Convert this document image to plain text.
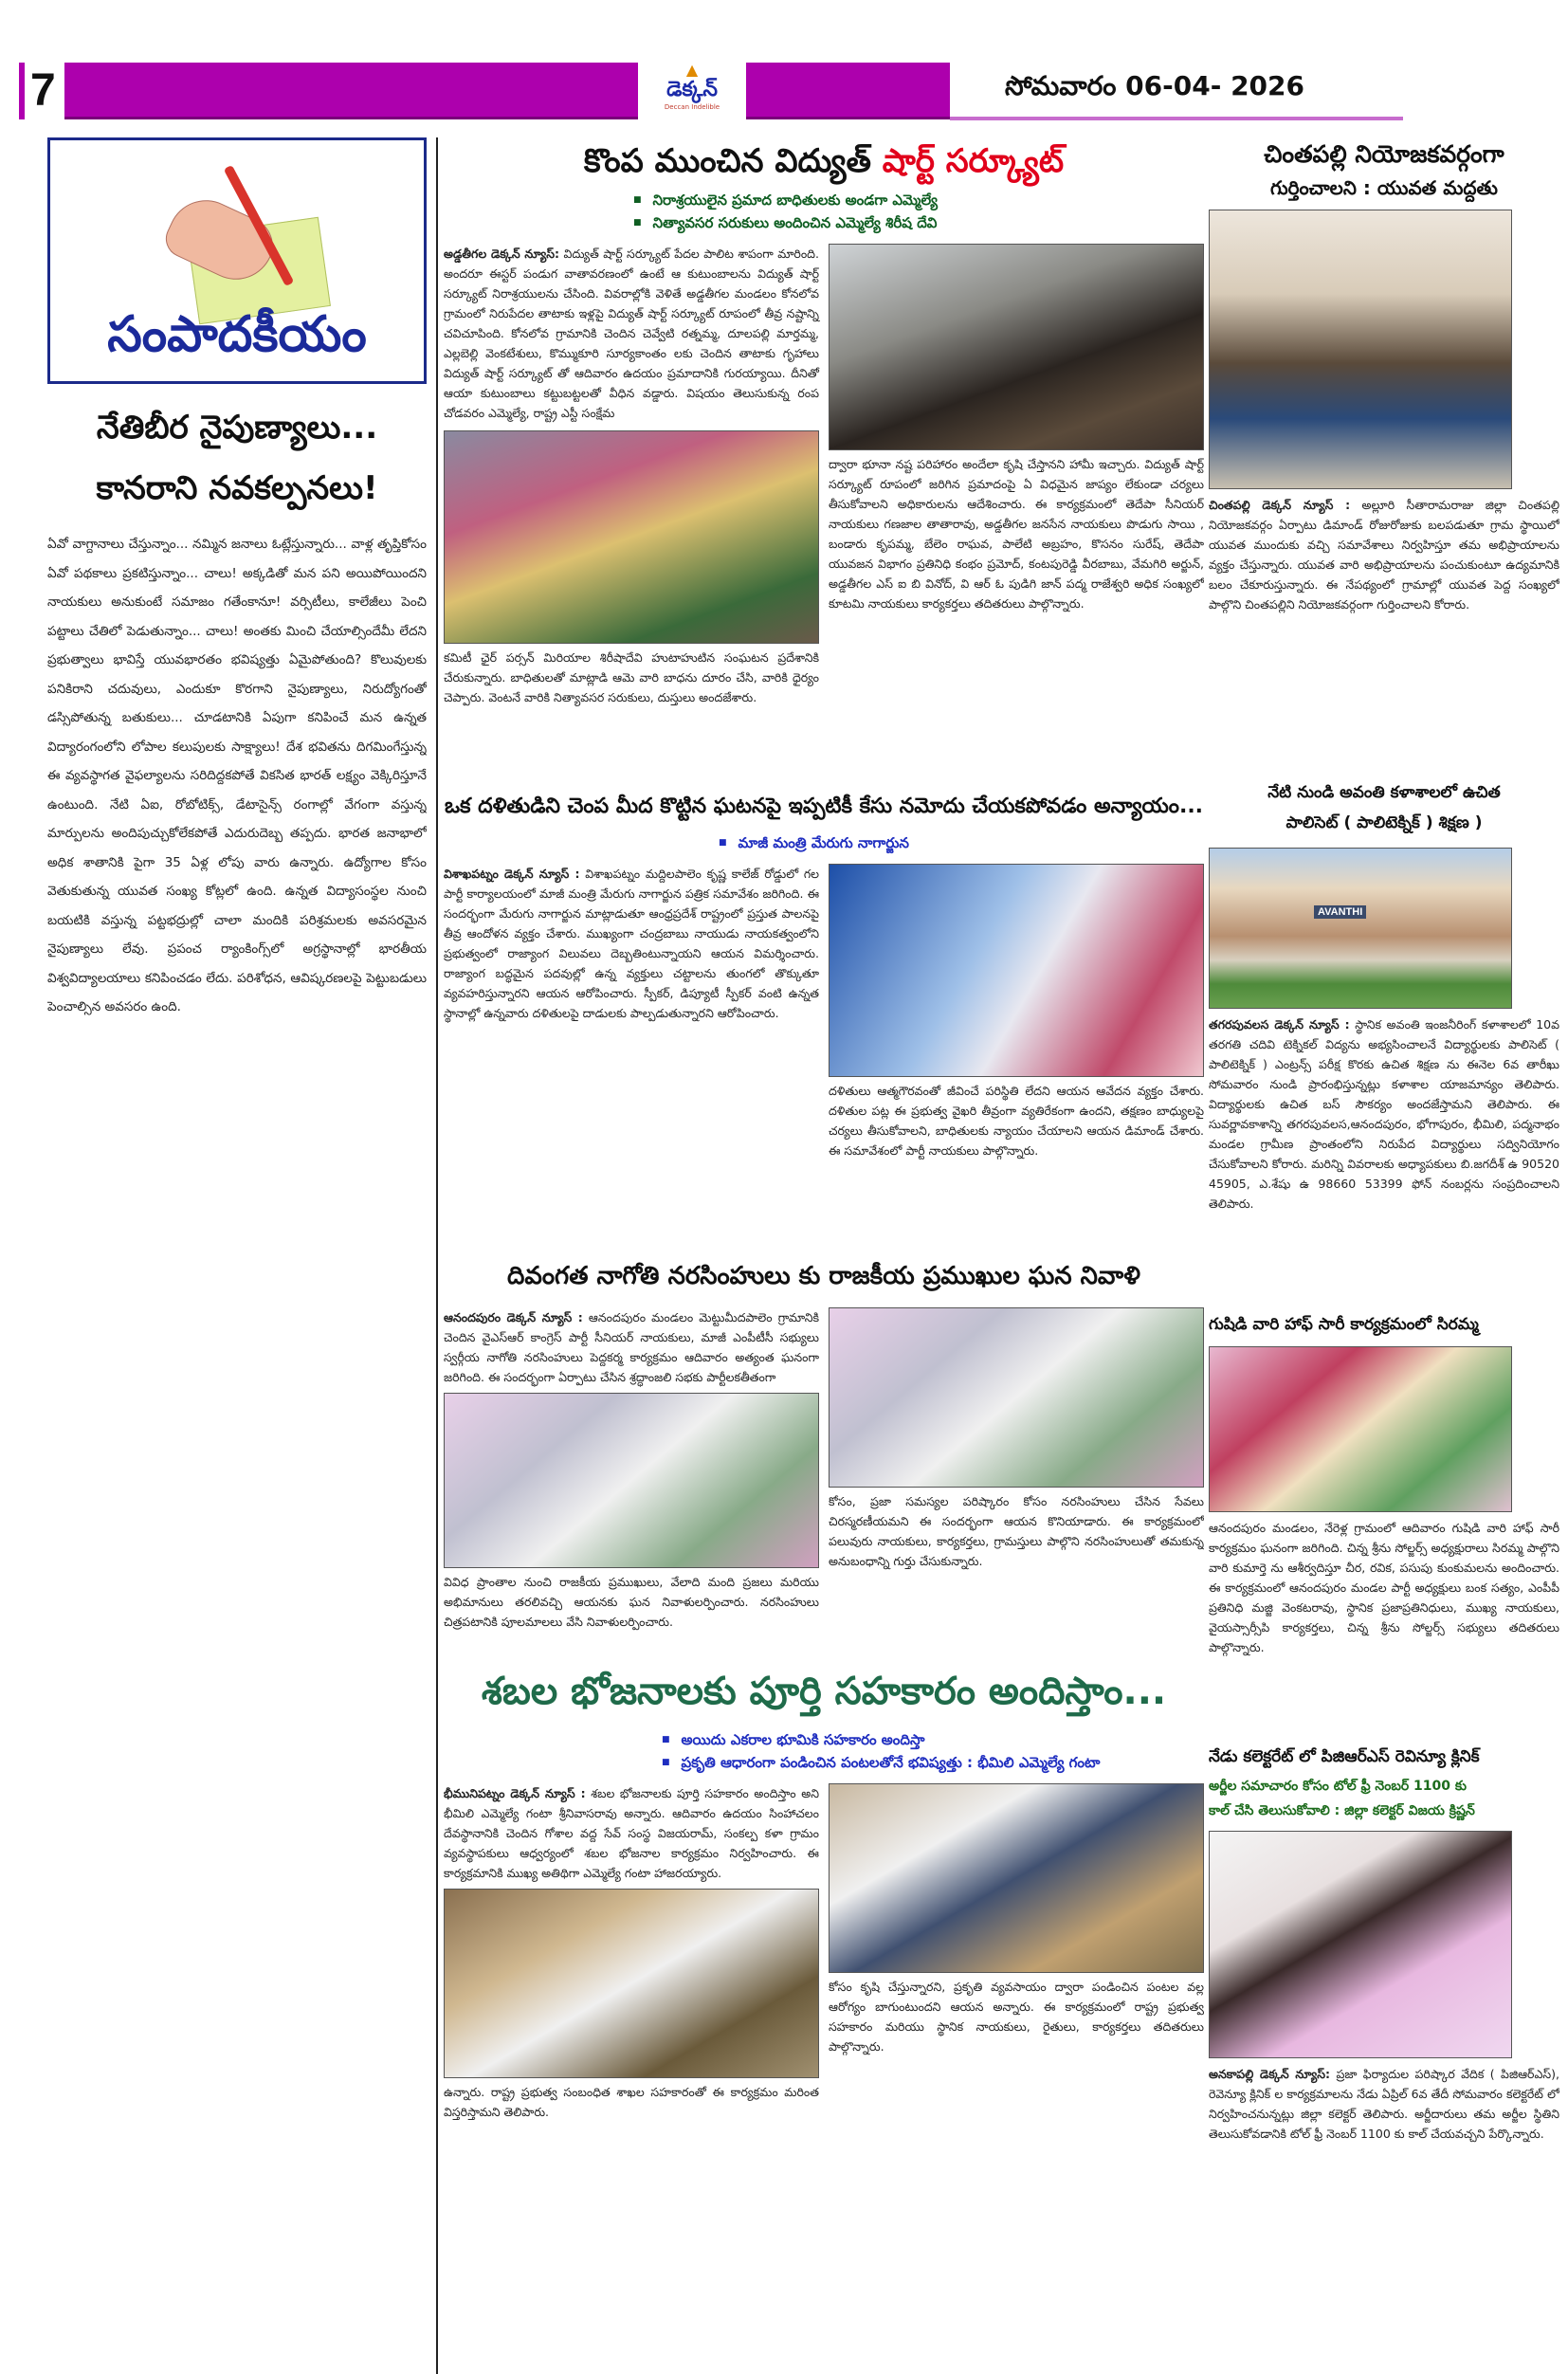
7	▲
డెక్కన్
Deccan Indelible
సోమవారం 06-04- 2026
సంపాదకీయం
నేతిబీర నైపుణ్యాలు...
కానరాని నవకల్పనలు!

ఏవో వాగ్దానాలు చేస్తున్నాం... నమ్మిన జనాలు ఓట్లేస్తున్నారు... వాళ్ల తృప్తికోసం ఏవో పథకాలు ప్రకటిస్తున్నాం... చాలు! అక్కడితో మన పని అయిపోయిందని నాయకులు అనుకుంటే సమాజం గతేంకానూ! వర్సిటీలు, కాలేజీలు పెంచి పట్టాలు చేతిలో పెడుతున్నాం... చాలు! అంతకు మించి చేయాల్సిందేమీ లేదని ప్రభుత్వాలు భావిస్తే యువభారతం భవిష్యత్తు ఏమైపోతుంది? కొలువులకు పనికిరాని చదువులు, ఎందుకూ కొరగాని నైపుణ్యాలు, నిరుద్యోగంతో డస్సిపోతున్న బతుకులు... చూడటానికి ఏపుగా కనిపించే మన ఉన్నత విద్యారంగంలోని లోపాల కలుపులకు సాక్ష్యాలు! దేశ భవితను దిగమింగేస్తున్న ఈ వ్యవస్థాగత వైఫల్యాలను సరిదిద్దకపోతే వికసిత భారత్ లక్ష్యం వెక్కిరిస్తూనే ఉంటుంది. నేటి ఏఐ, రోబోటిక్స్, డేటాసైన్స్ రంగాల్లో వేగంగా వస్తున్న మార్పులను అందిపుచ్చుకోలేకపోతే ఎదురుదెబ్బ తప్పదు. భారత జనాభాలో అధిక శాతానికి పైగా 35 ఏళ్ల లోపు వారు ఉన్నారు. ఉద్యోగాల కోసం వెతుకుతున్న యువత సంఖ్య కోట్లలో ఉంది. ఉన్నత విద్యాసంస్థల నుంచి బయటికి వస్తున్న పట్టభద్రుల్లో చాలా మందికి పరిశ్రమలకు అవసరమైన నైపుణ్యాలు లేవు. ప్రపంచ ర్యాంకింగ్స్‌లో అగ్రస్థానాల్లో భారతీయ విశ్వవిద్యాలయాలు కనిపించడం లేదు. పరిశోధన, ఆవిష్కరణలపై పెట్టుబడులు పెంచాల్సిన అవసరం ఉంది.

కొంప ముంచిన విద్యుత్ షార్ట్ సర్క్యూట్
■ నిరాశ్రయులైన ప్రమాద బాధితులకు అండగా ఎమ్మెల్యే
■ నిత్యావసర సరుకులు అందించిన ఎమ్మెల్యే శిరీష దేవి

అడ్డతీగల డెక్కన్ న్యూస్: విద్యుత్ షార్ట్ సర్క్యూట్ పేదల పాలిట శాపంగా మారింది. అందరూ ఈస్టర్ పండుగ వాతావరణంలో ఉంటే ఆ కుటుంబాలను విద్యుత్ షార్ట్ సర్క్యూట్ నిరాశ్రయులను చేసింది. వివరాల్లోకి వెళితే అడ్డతీగల మండలం కోనలోవ గ్రామంలో నిరుపేదల తాటాకు ఇళ్లపై విద్యుత్ షార్ట్ సర్క్యూట్ రూపంలో తీవ్ర నష్టాన్ని చవిచూపింది. కోనలోవ గ్రామానికి చెందిన చెవ్వేటి రత్నమ్మ, దూలపల్లి మార్తమ్మ, ఎల్లబెల్లి వెంకటేశులు, కొమ్ముకూరి సూర్యకాంతం లకు చెందిన తాటాకు గృహాలు విద్యుత్ షార్ట్ సర్క్యూట్ తో ఆదివారం ఉదయం ప్రమాదానికి గురయ్యాయి. దీనితో ఆయా కుటుంబాలు కట్టుబట్టలతో వీధిన వడ్డారు. విషయం తెలుసుకున్న రంప చోడవరం ఎమ్మెల్యే, రాష్ట్ర ఎస్టీ సంక్షేమ

కమిటీ ఛైర్ పర్సన్ మిరియాల శిరీషాదేవి హుటాహుటిన సంఘటన ప్రదేశానికి చేరుకున్నారు. బాధితులతో మాట్లాడి ఆమె వారి బాధను దూరం చేసి, వారికి ధైర్యం చెప్పారు. వెంటనే వారికి నిత్యావసర సరుకులు, దుస్తులు అందజేశారు.

ద్వారా భూనా నష్ట పరిహారం అందేలా కృషి చేస్తానని హామీ ఇచ్చారు. విద్యుత్ షార్ట్ సర్క్యూట్ రూపంలో జరిగిన ప్రమాదంపై ఏ విధమైన జాప్యం లేకుండా చర్యలు తీసుకోవాలని అధికారులను ఆదేశించారు. ఈ కార్యక్రమంలో తెదేపా సీనియర్ నాయకులు గణజాల తాతారావు, అడ్డతీగల జనసేన నాయకులు పొడుగు సాయి , బండారు కృపమ్మ, బేలెం రాఘవ, పాలేటి అబ్రహం, కొసనం సురేష్, తెదేపా యువజన విభాగం ప్రతినిధి కంభం ప్రమోద్, కంటపురెడ్డి వీరబాబు, వేమగిరి అర్జున్, అడ్డతీగల ఎస్ ఐ బి వినోద్, వి ఆర్ ఓ పుడిగి జాన్ పద్మ రాజేశ్వరి అధిక సంఖ్యలో కూటమి నాయకులు కార్యకర్తలు తదితరులు పాల్గొన్నారు.

ఒక దళితుడిని చెంప మీద కొట్టిన ఘటనపై ఇప్పటికీ కేసు నమోదు చేయకపోవడం అన్యాయం...
■ మాజీ మంత్రి మేరుగు నాగార్జున

విశాఖపట్నం డెక్కన్ న్యూస్ : విశాఖపట్నం మద్దిలపాలెం కృష్ణ కాలేజ్ రోడ్డులో గల పార్టీ కార్యాలయంలో మాజీ మంత్రి మేరుగు నాగార్జున పత్రిక సమావేశం జరిగింది. ఈ సందర్భంగా మేరుగు నాగార్జున మాట్లాడుతూ ఆంధ్రప్రదేశ్ రాష్ట్రంలో ప్రస్తుత పాలనపై తీవ్ర ఆందోళన వ్యక్తం చేశారు. ముఖ్యంగా చంద్రబాబు నాయుడు నాయకత్వంలోని ప్రభుత్వంలో రాజ్యాంగ విలువలు దెబ్బతింటున్నాయని ఆయన విమర్శించారు. రాజ్యాంగ బద్ధమైన పదవుల్లో ఉన్న వ్యక్తులు చట్టాలను తుంగలో తొక్కుతూ వ్యవహరిస్తున్నారని ఆయన ఆరోపించారు. స్పీకర్, డిప్యూటీ స్పీకర్ వంటి ఉన్నత స్థానాల్లో ఉన్నవారు దళితులపై దాడులకు పాల్పడుతున్నారని ఆరోపించారు.

దళితులు ఆత్మగౌరవంతో జీవించే పరిస్థితి లేదని ఆయన ఆవేదన వ్యక్తం చేశారు. దళితుల పట్ల ఈ ప్రభుత్వ వైఖరి తీవ్రంగా వ్యతిరేకంగా ఉందని, తక్షణం బాధ్యులపై చర్యలు తీసుకోవాలని, బాధితులకు న్యాయం చేయాలని ఆయన డిమాండ్ చేశారు. ఈ సమావేశంలో పార్టీ నాయకులు పాల్గొన్నారు.

దివంగత నాగోతి నరసింహులు కు రాజకీయ ప్రముఖుల ఘన నివాళి

ఆనందపురం డెక్కన్ న్యూస్ : ఆనందపురం మండలం మెట్టుమీదపాలెం గ్రామానికి చెందిన వైఎస్ఆర్ కాంగ్రెస్ పార్టీ సీనియర్ నాయకులు, మాజీ ఎంపీటీసీ సభ్యులు స్వర్గీయ నాగోతి నరసింహులు పెద్దకర్మ కార్యక్రమం ఆదివారం అత్యంత ఘనంగా జరిగింది. ఈ సందర్భంగా ఏర్పాటు చేసిన శ్రద్ధాంజలి సభకు పార్టీలకతీతంగా

వివిధ ప్రాంతాల నుంచి రాజకీయ ప్రముఖులు, వేలాది మంది ప్రజలు మరియు అభిమానులు తరలివచ్చి ఆయనకు ఘన నివాళులర్పించారు. నరసింహులు చిత్రపటానికి పూలమాలలు వేసి నివాళులర్పించారు.

కోసం, ప్రజా సమస్యల పరిష్కారం కోసం నరసింహులు చేసిన సేవలు చిరస్మరణీయమని ఈ సందర్భంగా ఆయన కొనియాడారు. ఈ కార్యక్రమంలో పలువురు నాయకులు, కార్యకర్తలు, గ్రామస్తులు పాల్గొని నరసింహులుతో తమకున్న అనుబంధాన్ని గుర్తు చేసుకున్నారు.

శబల భోజనాలకు పూర్తి సహకారం అందిస్తాం...
■ అయిదు ఎకరాల భూమికి సహకారం అందిస్తా
■ ప్రకృతి ఆధారంగా పండించిన పంటలతోనే భవిష్యత్తు : భీమిలి ఎమ్మెల్యే గంటా

భీమునిపట్నం డెక్కన్ న్యూస్ : శబల భోజనాలకు పూర్తి సహకారం అందిస్తాం అని భీమిలి ఎమ్మెల్యే గంటా శ్రీనివాసరావు అన్నారు. ఆదివారం ఉదయం సింహాచలం దేవస్థానానికి చెందిన గోశాల వద్ద సేవ్ సంస్థ విజయరామ్, సంకల్ప కళా గ్రామం వ్యవస్థాపకులు ఆధ్వర్యంలో శబల భోజనాల కార్యక్రమం నిర్వహించారు. ఈ కార్యక్రమానికి ముఖ్య అతిథిగా ఎమ్మెల్యే గంటా హాజరయ్యారు.

ఉన్నారు. రాష్ట్ర ప్రభుత్వ సంబంధిత శాఖల సహకారంతో ఈ కార్యక్రమం మరింత విస్తరిస్తామని తెలిపారు.

కోసం కృషి చేస్తున్నారని, ప్రకృతి వ్యవసాయం ద్వారా పండించిన పంటల వల్ల ఆరోగ్యం బాగుంటుందని ఆయన అన్నారు. ఈ కార్యక్రమంలో రాష్ట్ర ప్రభుత్వ సహకారం మరియు స్థానిక నాయకులు, రైతులు, కార్యకర్తలు తదితరులు పాల్గొన్నారు.

చింతపల్లి నియోజకవర్గంగా
గుర్తించాలని : యువత మద్దతు

చింతపల్లి డెక్కన్ న్యూస్ : అల్లూరి సీతారామరాజు జిల్లా చింతపల్లి నియోజకవర్గం ఏర్పాటు డిమాండ్ రోజురోజుకు బలపడుతూ గ్రామ స్థాయిలో యువత ముందుకు వచ్చి సమావేశాలు నిర్వహిస్తూ తమ అభిప్రాయాలను వ్యక్తం చేస్తున్నారు. యువత వారి అభిప్రాయాలను పంచుకుంటూ ఉద్యమానికి బలం చేకూరుస్తున్నారు. ఈ నేపథ్యంలో గ్రామాల్లో యువత పెద్ద సంఖ్యలో పాల్గొని చింతపల్లిని నియోజకవర్గంగా గుర్తించాలని కోరారు.

నేటి నుండి అవంతి కళాశాలలో ఉచిత
పాలిసెట్ ( పాలిటెక్నిక్ ) శిక్షణ )
AVANTHI

తగరపువలస డెక్కన్ న్యూస్ : స్థానిక అవంతి ఇంజనీరింగ్ కళాశాలలో 10వ తరగతి చదివి టెక్నికల్ విద్యను అభ్యసించాలనే విద్యార్థులకు పాలిసెట్ ( పాలిటెక్నిక్ ) ఎంట్రన్స్ పరీక్ష కొరకు ఉచిత శిక్షణ ను ఈనెల 6వ తారీఖు సోమవారం నుండి ప్రారంభిస్తున్నట్లు కళాశాల యాజమాన్యం తెలిపారు. విద్యార్థులకు ఉచిత బస్ సౌకర్యం అందజేస్తామని తెలిపారు. ఈ సువర్ణావకాశాన్ని తగరపువలస,ఆనందపురం, భోగాపురం, భీమిలి, పద్మనాభం మండల గ్రామీణ ప్రాంతంలోని నిరుపేద విద్యార్థులు సద్వినియోగం చేసుకోవాలని కోరారు. మరిన్ని వివరాలకు అధ్యాపకులు బి.జగదీశ్ ఉ 90520 45905, ఎ.శేషు ఉ 98660 53399 ఫోన్ నంబర్లను సంప్రదించాలని తెలిపారు.

గుషిడి వారి హాఫ్ సారీ కార్యక్రమంలో సిరమ్మ

ఆనందపురం మండలం, నేరెళ్ల గ్రామంలో ఆదివారం గుషిడి వారి హాఫ్ సారీ కార్యక్రమం ఘనంగా జరిగింది. చిన్న శ్రీను సోల్జర్స్ అధ్యక్షురాలు సిరమ్మ పాల్గొని వారి కుమార్తె ను ఆశీర్వదిస్తూ చీర, రవిక, పసుపు కుంకుమలను అందించారు. ఈ కార్యక్రమంలో ఆనందపురం మండల పార్టీ అధ్యక్షులు బంక సత్యం, ఎంపీపీ ప్రతినిధి మజ్జి వెంకటరావు, స్థానిక ప్రజాప్రతినిధులు, ముఖ్య నాయకులు, వైయస్సార్సీపి కార్యకర్తలు, చిన్న శ్రీను సోల్జర్స్ సభ్యులు తదితరులు పాల్గొన్నారు.

నేడు కలెక్టరేట్ లో పిజిఆర్ఎస్ రెవిన్యూ క్లినిక్
అర్జీల సమాచారం కోసం టోల్ ఫ్రీ నెంబర్ 1100 కు
కాల్ చేసి తెలుసుకోవాలి : జిల్లా కలెక్టర్ విజయ క్రిష్ణన్

అనకాపల్లి డెక్కన్ న్యూస్: ప్రజా ఫిర్యాదుల పరిష్కార వేదిక ( పిజిఆర్ఎస్), రెవెన్యూ క్లినిక్ ల కార్యక్రమాలను నేడు ఏప్రిల్ 6వ తేదీ సోమవారం కలెక్టరేట్ లో నిర్వహించనున్నట్లు జిల్లా కలెక్టర్ తెలిపారు. అర్జీదారులు తమ అర్జీల స్థితిని తెలుసుకోవడానికి టోల్ ఫ్రీ నెంబర్ 1100 కు కాల్ చేయవచ్చని పేర్కొన్నారు.
